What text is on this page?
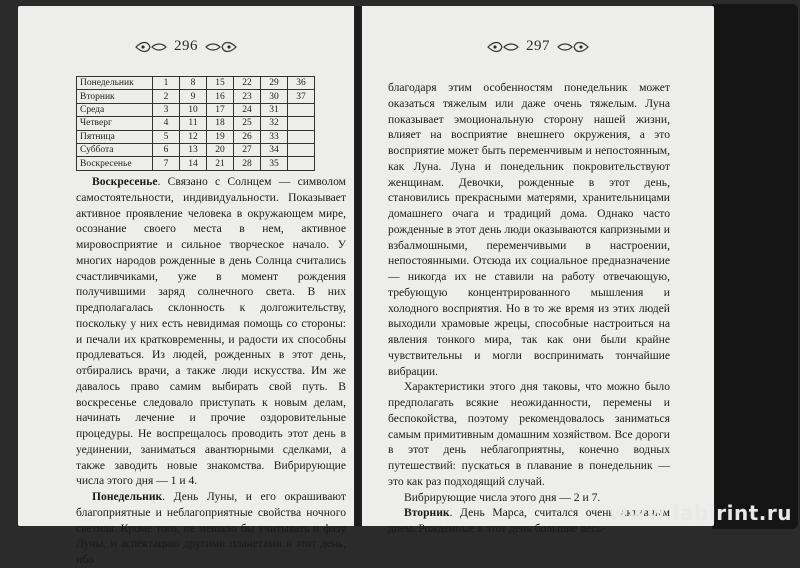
296
Понедельник	1	8	15	22	29	36
Вторник	2	9	16	23	30	37
Среда	3	10	17	24	31	
Четверг	4	11	18	25	32	
Пятница	5	12	19	26	33	
Суббота	6	13	20	27	34	
Воскресенье	7	14	21	28	35	

Воскресенье. Связано с Солнцем — символом самостоятельности, индивидуальности. Показывает активное проявление человека в окружающем мире, осознание своего места в нем, активное мировосприятие и сильное творческое начало. У многих народов рожденные в день Солнца считались счастливчиками, уже в момент рождения получившими заряд солнечного света. В них предполагалась склонность к долгожительству, поскольку у них есть невидимая помощь со стороны: и печали их кратковременны, и радости их способны продлеваться. Из людей, рожденных в этот день, отбирались врачи, а также люди искусства. Им же давалось право самим выбирать свой путь. В воскресенье следовало приступать к новым делам, начинать лечение и прочие оздоровительные процедуры. Не воспрещалось проводить этот день в уединении, заниматься авантюрными сделками, а также заводить новые знакомства. Вибрирующие числа этого дня — 1 и 4.

Понедельник. День Луны, и его окрашивают благоприятные и неблагоприятные свойства ночного светила. Кроме того, не мешало бы учитывать и фазу Луны, и аспектацию другими планетами в этот день, ибо

297

благодаря этим особенностям понедельник может оказаться тяжелым или даже очень тяжелым. Луна показывает эмоциональную сторону нашей жизни, влияет на восприятие внешнего окружения, а это восприятие может быть переменчивым и непостоянным, как Луна. Луна и понедельник покровительствуют женщинам. Девочки, рожденные в этот день, становились прекрасными матерями, хранительницами домашнего очага и традиций дома. Однако часто рожденные в этот день люди оказываются капризными и взбалмошными, переменчивыми в настроении, непостоянными. Отсюда их социальное предназначение — никогда их не ставили на работу отвечающую, требующую концентрированного мышления и холодного восприятия. Но в то же время из этих людей выходили храмовые жрецы, способные настроиться на явления тонкого мира, так как они были крайне чувствительны и могли воспринимать тончайшие вибрации.

Характеристики этого дня таковы, что можно было предполагать всякие неожиданности, перемены и беспокойства, поэтому рекомендовалось заниматься самым примитивным домашним хозяйством. Все дороги в этот день неблагоприятны, конечно водных путешествий: пускаться в плавание в понедельник — это как раз подходящий случай.

Вибрирующие числа этого дня — 2 и 7.

Вторник. День Марса, считался очень активным днем. Рожденные в этот день большие весь-

www.labirint.ru
